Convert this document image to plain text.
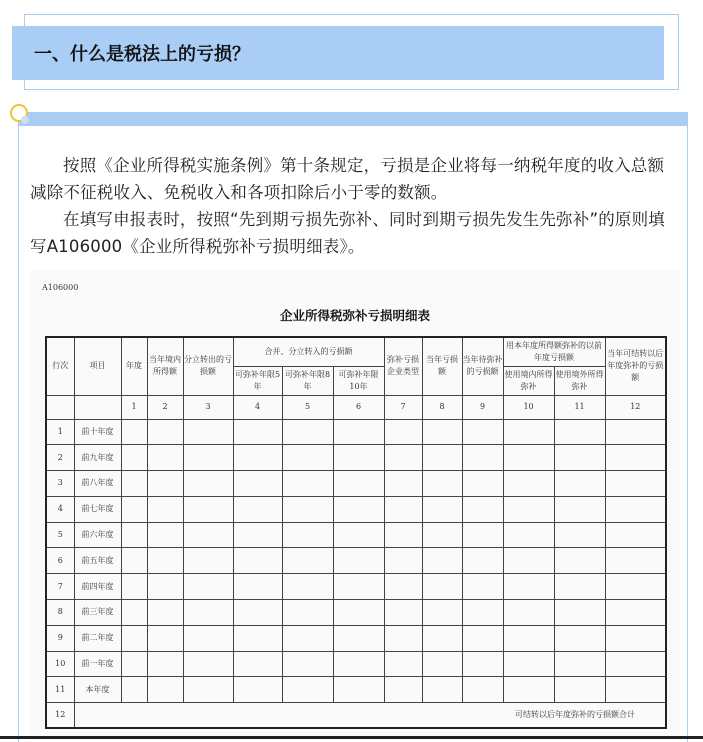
一、什么是税法上的亏损？

按照《企业所得税实施条例》第十条规定，亏损是企业将每一纳税年度的收入总额减除不征税收入、免税收入和各项扣除后小于零的数额。

在填写申报表时，按照“先到期亏损先弥补、同时到期亏损先发生先弥补”的原则填写A106000《企业所得税弥补亏损明细表》。

A106000
企业所得税弥补亏损明细表
行次	项目	年度	当年境内所得额	分立转出的亏损额	合并、分立转入的亏损额			弥补亏损企业类型	当年亏损额	当年待弥补的亏损额	用本年度所得额弥补的以前年度亏损额		当年可结转以后年度弥补的亏损额
					可弥补年限5年	可弥补年限8年	可弥补年限10年				使用境内所得弥补	使用境外所得弥补	
		1	2	3	4	5	6	7	8	9	10	11	12
1	前十年度												
2	前九年度												
3	前八年度												
4	前七年度												
5	前六年度												
6	前五年度												
7	前四年度												
8	前三年度												
9	前二年度												
10	前一年度												
11	本年度												
12	可结转以后年度弥补的亏损额合计												
